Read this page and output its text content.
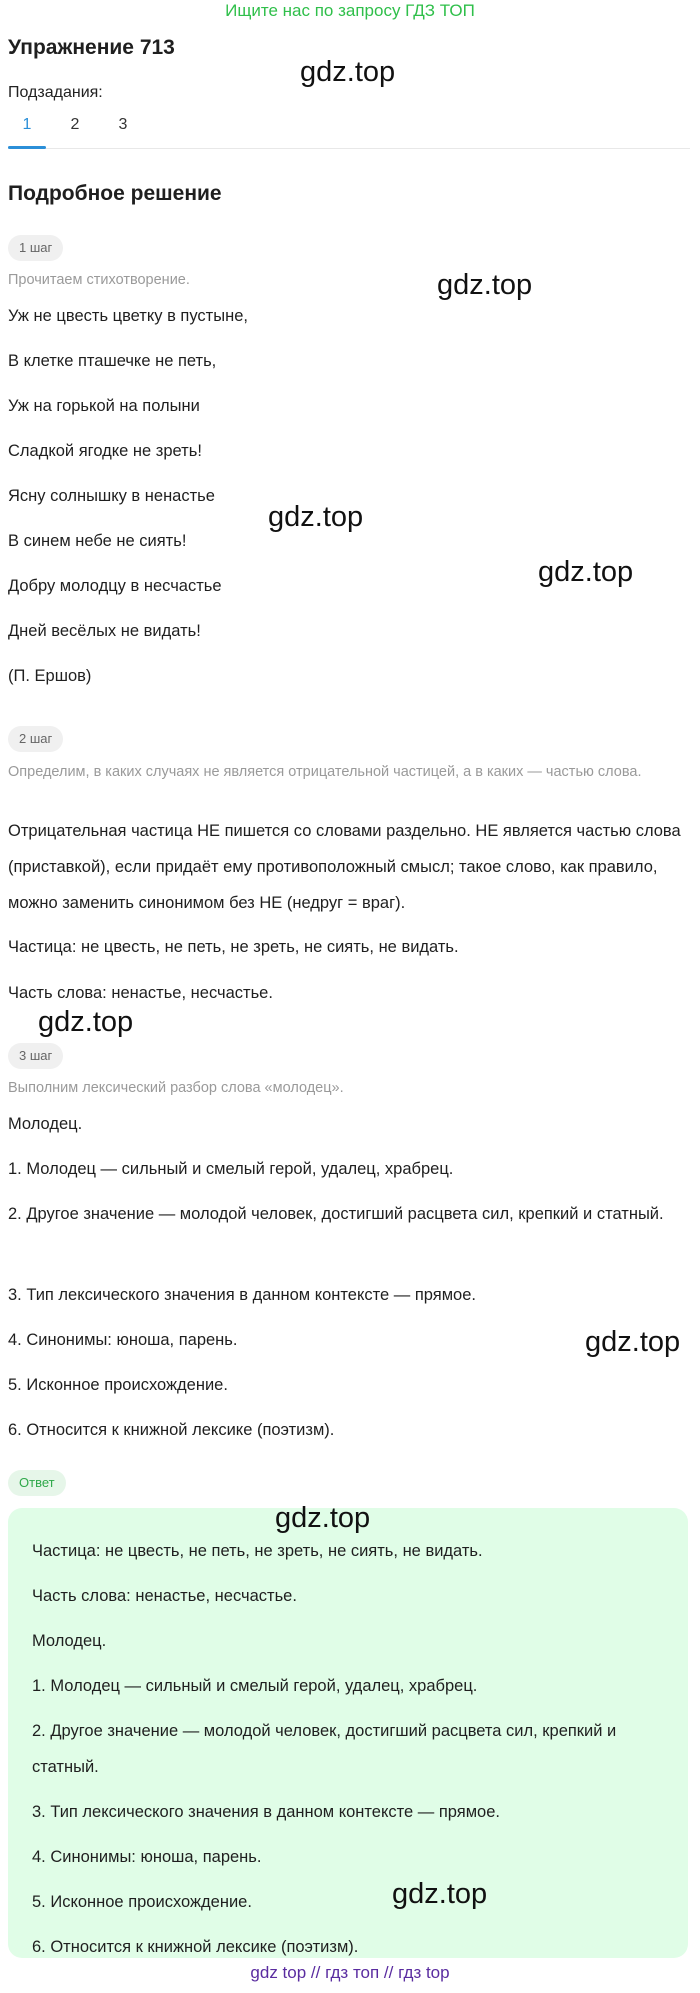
Ищите нас по запросу ГДЗ ТОП
Упражнение 713
Подзадания:
1	2	3
Подробное решение
1 шаг
Прочитаем стихотворение.
Уж не цвесть цветку в пустыне,
В клетке пташечке не петь,
Уж на горькой на полыни
Сладкой ягодке не зреть!
Ясну солнышку в ненастье
В синем небе не сиять!
Добру молодцу в несчастье
Дней весёлых не видать!
(П. Ершов)
2 шаг
Определим, в каких случаях не является отрицательной частицей, а в каких — частью слова.

Отрицательная частица НЕ пишется со словами раздельно. НЕ является частью слова (приставкой), если придаёт ему противоположный смысл; такое слово, как правило, можно заменить синонимом без НЕ (недруг = враг).

Частица: не цвесть, не петь, не зреть, не сиять, не видать.

Часть слова: ненастье, несчастье.

3 шаг
Выполним лексический разбор слова «молодец».

Молодец.

1. Молодец — сильный и смелый герой, удалец, храбрец.

2. Другое значение — молодой человек, достигший расцвета сил, крепкий и статный.

3. Тип лексического значения в данном контексте — прямое.

4. Синонимы: юноша, парень.

5. Исконное происхождение.

6. Относится к книжной лексике (поэтизм).

Ответ

Частица: не цвесть, не петь, не зреть, не сиять, не видать.

Часть слова: ненастье, несчастье.

Молодец.

1. Молодец — сильный и смелый герой, удалец, храбрец.

2. Другое значение — молодой человек, достигший расцвета сил, крепкий и статный.

3. Тип лексического значения в данном контексте — прямое.

4. Синонимы: юноша, парень.

5. Исконное происхождение.

6. Относится к книжной лексике (поэтизм).

gdz.top
gdz.top
gdz.top
gdz.top
gdz.top
gdz.top
gdz.top
gdz.top
gdz top // гдз топ // гдз top
